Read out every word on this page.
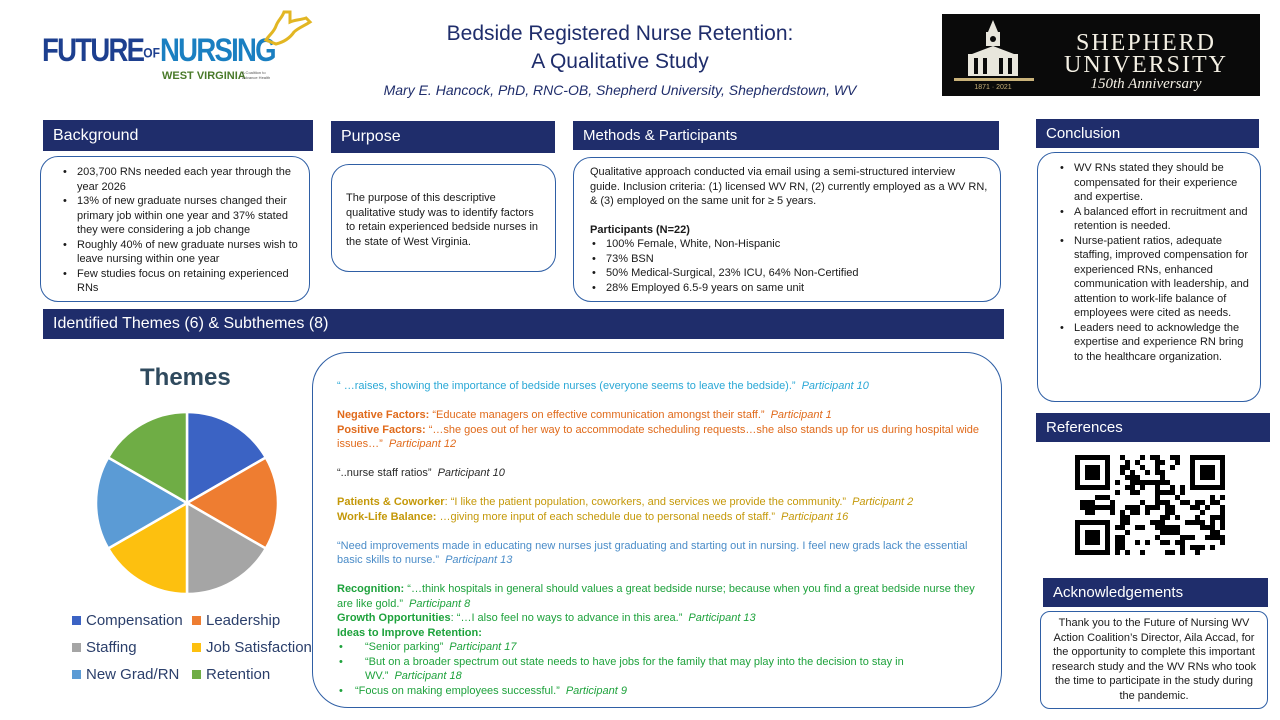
FUTUREOFNURSING
WEST VIRGINIA
A Coalition to Advance Health
Bedside Registered Nurse Retention:
A Qualitative Study
Mary E. Hancock, PhD, RNC-OB, Shepherd University, Shepherdstown, WV	1871 · 2021
SHEPHERD
UNIVERSITY
150th Anniversary
Background
• 203,700 RNs needed each year through the year 2026
• 13% of new graduate nurses changed their primary job within one year and 37% stated they were considering a job change
• Roughly 40% of new graduate nurses wish to leave nursing within one year
• Few studies focus on retaining experienced RNs
Purpose
The purpose of this descriptive qualitative study was to identify factors to retain experienced bedside nurses in the state of West Virginia.
Methods & Participants
Qualitative approach conducted via email using a semi-structured interview guide. Inclusion criteria: (1) licensed WV RN, (2) currently employed as a WV RN, & (3) employed on the same unit for ≥ 5 years.
Participants (N=22)
• 100% Female, White, Non-Hispanic
• 73% BSN
• 50% Medical-Surgical, 23% ICU, 64% Non-Certified
• 28% Employed 6.5-9 years on same unit
Conclusion
• WV RNs stated they should be compensated for their experience and expertise.
• A balanced effort in recruitment and retention is needed.
• Nurse-patient ratios, adequate staffing, improved compensation for experienced RNs, enhanced communication with leadership, and attention to work-life balance of employees were cited as needs.
• Leaders need to acknowledge the expertise and experience RN bring to the healthcare organization.
Identified Themes (6) & Subthemes (8)
Themes
Compensation Leadership
Staffing	Job Satisfaction
New Grad/RN Retention
“ …raises, showing the importance of bedside nurses (everyone seems to leave the bedside).” Participant 10
Negative Factors: “Educate managers on effective communication amongst their staff.” Participant 1
Positive Factors: “…she goes out of her way to accommodate scheduling requests…she also stands up for us during hospital wide issues…” Participant 12
“..nurse staff ratios” Participant 10
Patients & Coworker: “I like the patient population, coworkers, and services we provide the community.” Participant 2
Work-Life Balance: …giving more input of each schedule due to personal needs of staff.” Participant 16
“Need improvements made in educating new nurses just graduating and starting out in nursing. I feel new grads lack the essential basic skills to nurse.” Participant 13
Recognition: “…think hospitals in general should values a great bedside nurse; because when you find a great bedside nurse they are like gold.” Participant 8
Growth Opportunities: “…I also feel no ways to advance in this area.” Participant 13
Ideas to Improve Retention:
• “Senior parking” Participant 17
• “But on a broader spectrum out state needs to have jobs for the family that may play into the decision to stay in WV.” Participant 18
• “Focus on making employees successful.” Participant 9
References
Acknowledgements
Thank you to the Future of Nursing WV Action Coalition’s Director, Aila Accad, for the opportunity to complete this important research study and the WV RNs who took the time to participate in the study during the pandemic.
